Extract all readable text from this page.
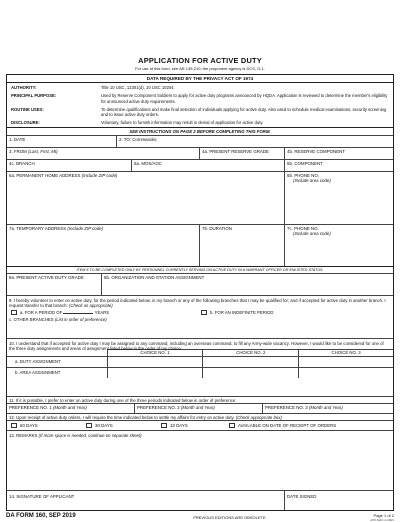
APPLICATION FOR ACTIVE DUTY
For use of this form, see AR 135-210; the proponent agency is DCS, G-1.
DATA REQUIRED BY THE PRIVACY ACT OF 1974
AUTHORITY:	Title 10 USC, 12301(d), 10 USC 10204.
PRINCIPAL PURPOSE:	Used by Reserve Component Soldiers to apply for active duty programs announced by HQDA. Application is reviewed to determine the member's eligibility for announced active duty requirements.
ROUTINE USES:	To determine qualifications and make final selection of individuals applying for active duty. Also used to schedule medical examinations, security screening and to issue active duty orders.
DISCLOSURE:	Voluntary, failure to furnish information may result in denial of application for active duty.
SEE INSTRUCTIONS ON PAGE 2 BEFORE COMPLETING THIS FORM.
1. DATE	2. TO: Commander,
3. FROM (Last, First, MI)	4a. PRESENT RESERVE GRADE	4b. RESERVE COMPONENT
4c. BRANCH	5a. MOS/AOC	5b. COMPONENT
6a. PERMANENT HOME ADDRESS (Include ZIP code)	6b. PHONE NO.
(Include area code)
7a. TEMPORARY ADDRESS (Include ZIP code)	7b. DURATION	7c. PHONE NO.
(Include area code)
ITEM 8 TO BE COMPLETED ONLY BY PERSONNEL CURRENTLY SERVING ON ACTIVE DUTY IN A WARRANT OFFICER OR ENLISTED STATUS.
8a. PRESENT ACTIVE DUTY GRADE	8b. ORGANIZATION AND STATION ASSIGNMENT
9. I hereby volunteer to enter on active duty, for the period indicated below, in my branch or any of the following branches that I may be qualified for; and if accepted for active duty in another branch, I request transfer to that branch: (Check as appropriate)
a. FOR A PERIOD OF	YEARS	b. FOR AN INDEFINITE PERIOD
c. OTHER BRANCHES (List in order of preference)
10. I understand that if accepted for active duty I may be assigned to any command, including an overseas command, to fill any Army-wide vacancy. However, I would like to be considered for one of the three duty assignments and areas of assignment listed below in the order of my choice.
	CHOICE NO. 1	CHOICE NO. 2	CHOICE NO. 3
a. DUTY ASSIGNMENT			
b. AREA ASSIGNMENT			
11. If it is possible, I prefer to enter on active duty during one of the three periods indicated below in order of preference:
PREFERENCE NO. 1 (Month and Year)	PREFERENCE NO. 2 (Month and Year)	PREFERENCE NO. 3 (Month and Year)
12. Upon receipt of active duty orders, I will require the time indicated below to settle my affairs for entry on active duty. (Check appropriate box)
60 DAYS	30 DAYS	10 DAYS	AVAILABLE ON DATE OF RECEIPT OF ORDERS
13. REMARKS (If more space is needed, continue on separate sheet)
14. SIGNATURE OF APPLICANT	DATE SIGNED
DA FORM 160, SEP 2019	PREVIOUS EDITIONS ARE OBSOLETE.	Page 1 of 2
APD AEM v1.00ES
